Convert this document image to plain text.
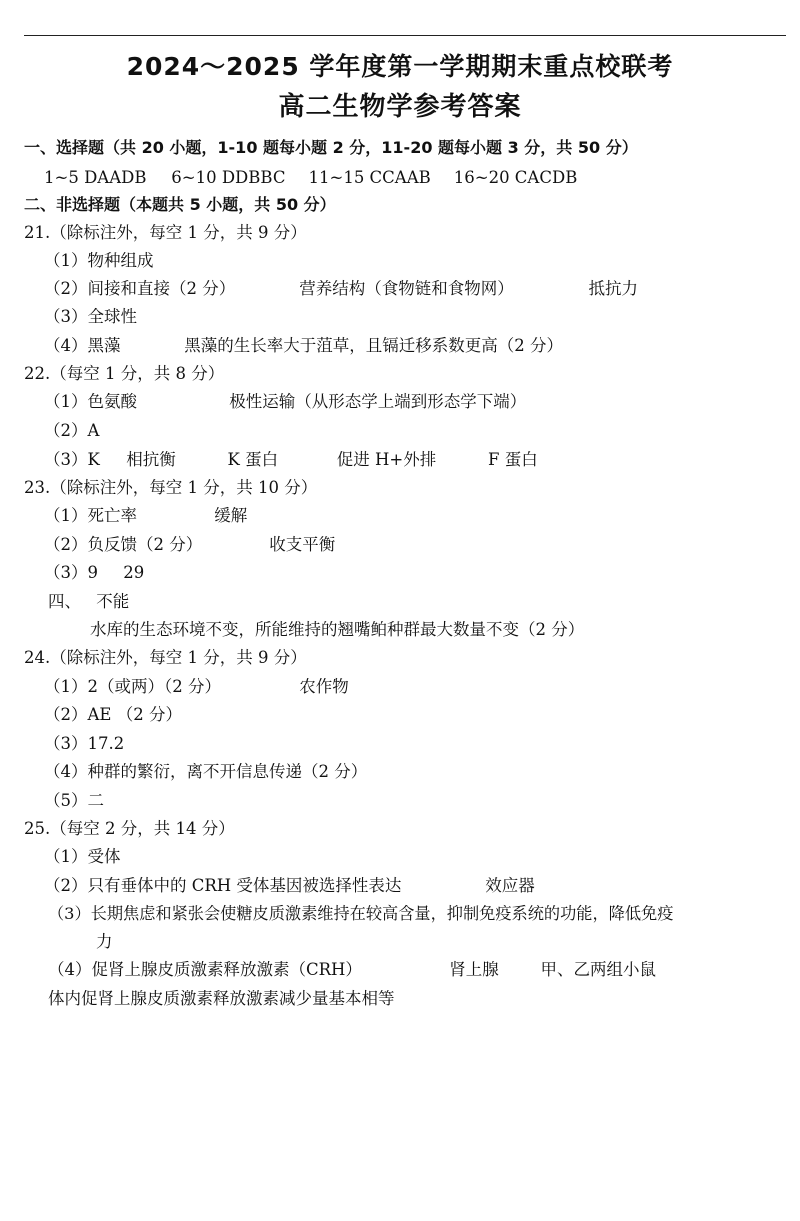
2024～2025 学年度第一学期期末重点校联考
高二生物学参考答案
一、选择题（共 20 小题，1-10 题每小题 2 分，11-20 题每小题 3 分，共 50 分）
1~5 DAADB 6~10 DDBBC 11~15 CCAAB 16~20 CACDB
二、非选择题（本题共 5 小题，共 50 分）
21.（除标注外，每空 1 分，共 9 分）
（1）物种组成
（2）间接和直接（2 分）	营养结构（食物链和食物网）	抵抗力
（3）全球性
（4）黑藻	黑藻的生长率大于菹草，且镉迁移系数更高（2 分）
22.（每空 1 分，共 8 分）
（1）色氨酸	极性运输（从形态学上端到形态学下端）
（2）A
（3）K 相抗衡	K 蛋白	促进 H+外排	F 蛋白
23.（除标注外，每空 1 分，共 10 分）
（1）死亡率	缓解
（2）负反馈（2 分）	收支平衡
（3）9 29
四、 不能
水库的生态环境不变，所能维持的翘嘴鲌种群最大数量不变（2 分）
24.（除标注外，每空 1 分，共 9 分）
（1）2（或两）（2 分）	农作物
（2）AE （2 分）
（3）17.2
（4）种群的繁衍，离不开信息传递（2 分）
（5）二
25.（每空 2 分，共 14 分）
（1）受体
（2）只有垂体中的 CRH 受体基因被选择性表达	效应器
（3）长期焦虑和紧张会使糖皮质激素维持在较高含量，抑制免疫系统的功能，降低免疫
力
（4）促肾上腺皮质激素释放激素（CRH）	肾上腺	甲、乙两组小鼠
体内促肾上腺皮质激素释放激素减少量基本相等
